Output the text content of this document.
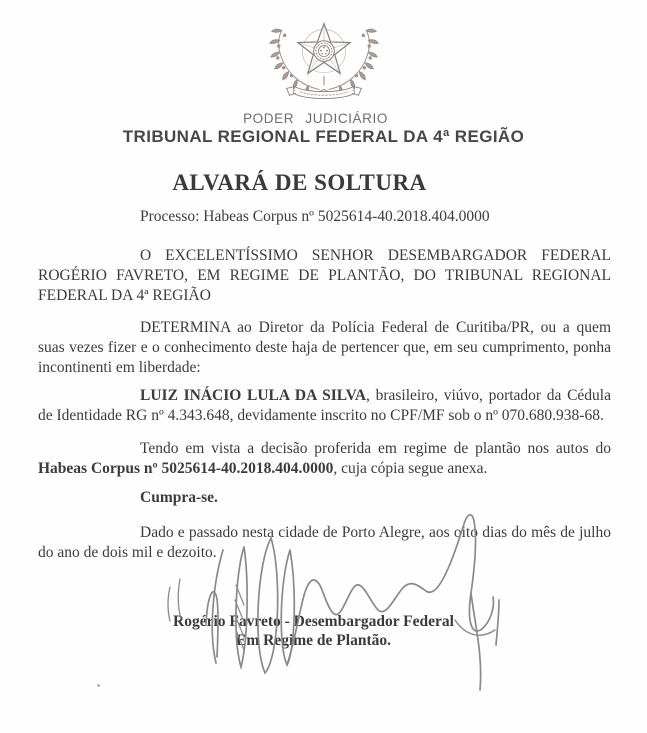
PODER JUDICIÁRIO
TRIBUNAL REGIONAL FEDERAL DA 4ª REGIÃO
ALVARÁ DE SOLTURA
Processo: Habeas Corpus nº 5025614-40.2018.404.0000
O EXCELENTÍSSIMO SENHOR DESEMBARGADOR FEDERAL
ROGÉRIO FAVRETO, EM REGIME DE PLANTÃO, DO TRIBUNAL REGIONAL
FEDERAL DA 4ª REGIÃO
DETERMINA ao Diretor da Polícia Federal de Curitiba/PR, ou a quem
suas vezes fizer e o conhecimento deste haja de pertencer que, em seu cumprimento, ponha
incontinenti em liberdade:
LUIZ INÁCIO LULA DA SILVA, brasileiro, viúvo, portador da Cédula
de Identidade RG nº 4.343.648, devidamente inscrito no CPF/MF sob o nº 070.680.938-68.
Tendo em vista a decisão proferida em regime de plantão nos autos do
Habeas Corpus nº 5025614-40.2018.404.0000, cuja cópia segue anexa.
Cumpra-se.
Dado e passado nesta cidade de Porto Alegre, aos oito dias do mês de julho
do ano de dois mil e dezoito.
Rogério Favreto - Desembargador Federal
Em Regime de Plantão.
